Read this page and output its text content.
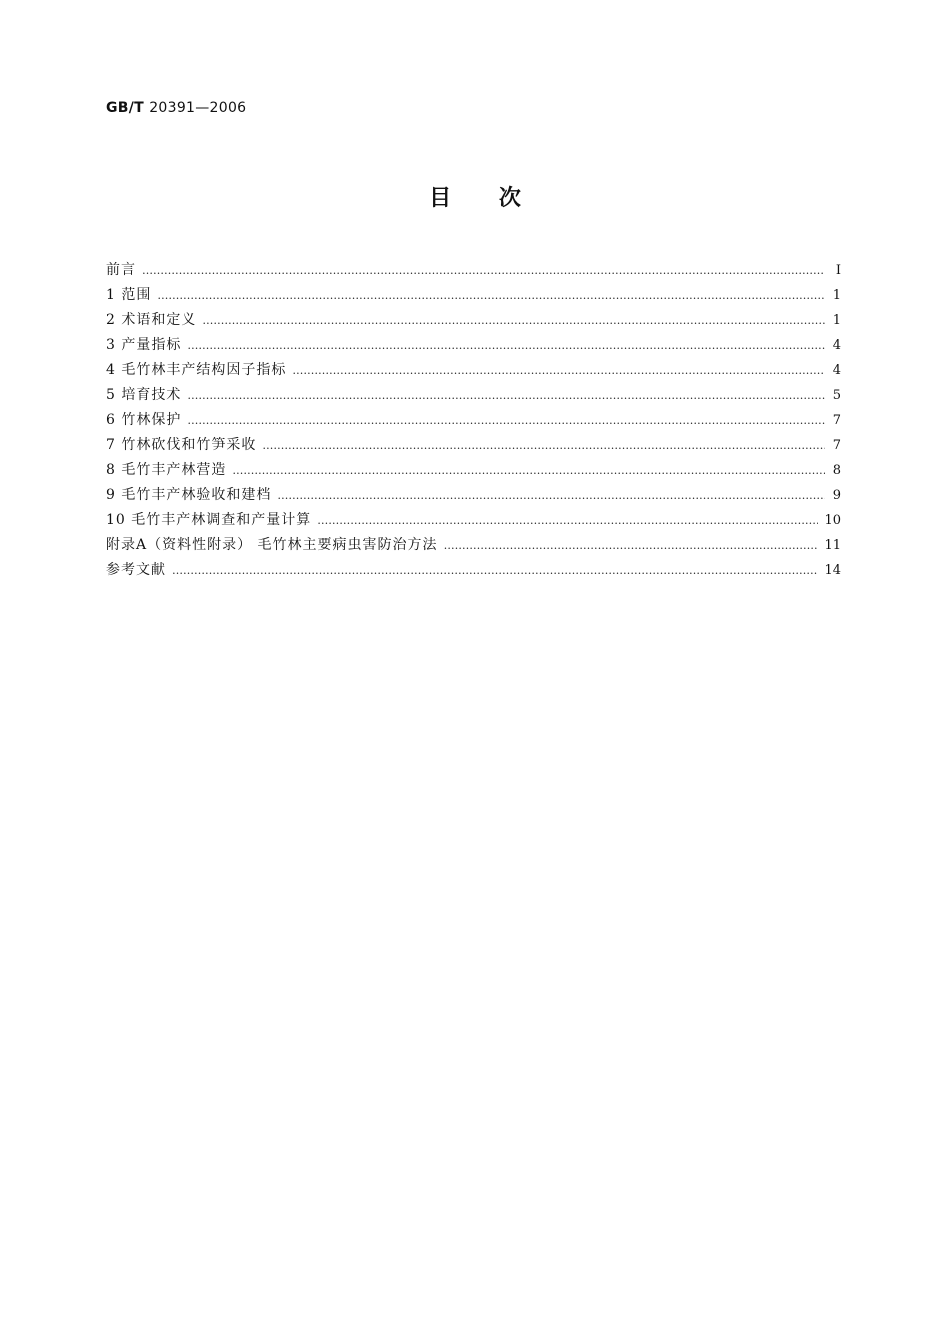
GB/T 20391—2006
目 次
前言 ……………………………………………………………………………………………………………………………………………………………………………………………………………	Ⅰ
1 范围 ……………………………………………………………………………………………………………………………………………………………………………………………………………	1
2 术语和定义 ……………………………………………………………………………………………………………………………………………………………………………………………………………	1
3 产量指标 ……………………………………………………………………………………………………………………………………………………………………………………………………………	4
4 毛竹林丰产结构因子指标 ……………………………………………………………………………………………………………………………………………………………………………………………………………	4
5 培育技术 ……………………………………………………………………………………………………………………………………………………………………………………………………………	5
6 竹林保护 ……………………………………………………………………………………………………………………………………………………………………………………………………………	7
7 竹林砍伐和竹笋采收 ……………………………………………………………………………………………………………………………………………………………………………………………………………	7
8 毛竹丰产林营造 ……………………………………………………………………………………………………………………………………………………………………………………………………………	8
9 毛竹丰产林验收和建档 ……………………………………………………………………………………………………………………………………………………………………………………………………………	9
10 毛竹丰产林调查和产量计算 ……………………………………………………………………………………………………………………………………………………………………………………………………………	10
附录A（资料性附录） 毛竹林主要病虫害防治方法 ……………………………………………………………………………………………………………………………………………………………………………………………………………	11
参考文献 ……………………………………………………………………………………………………………………………………………………………………………………………………………	14
